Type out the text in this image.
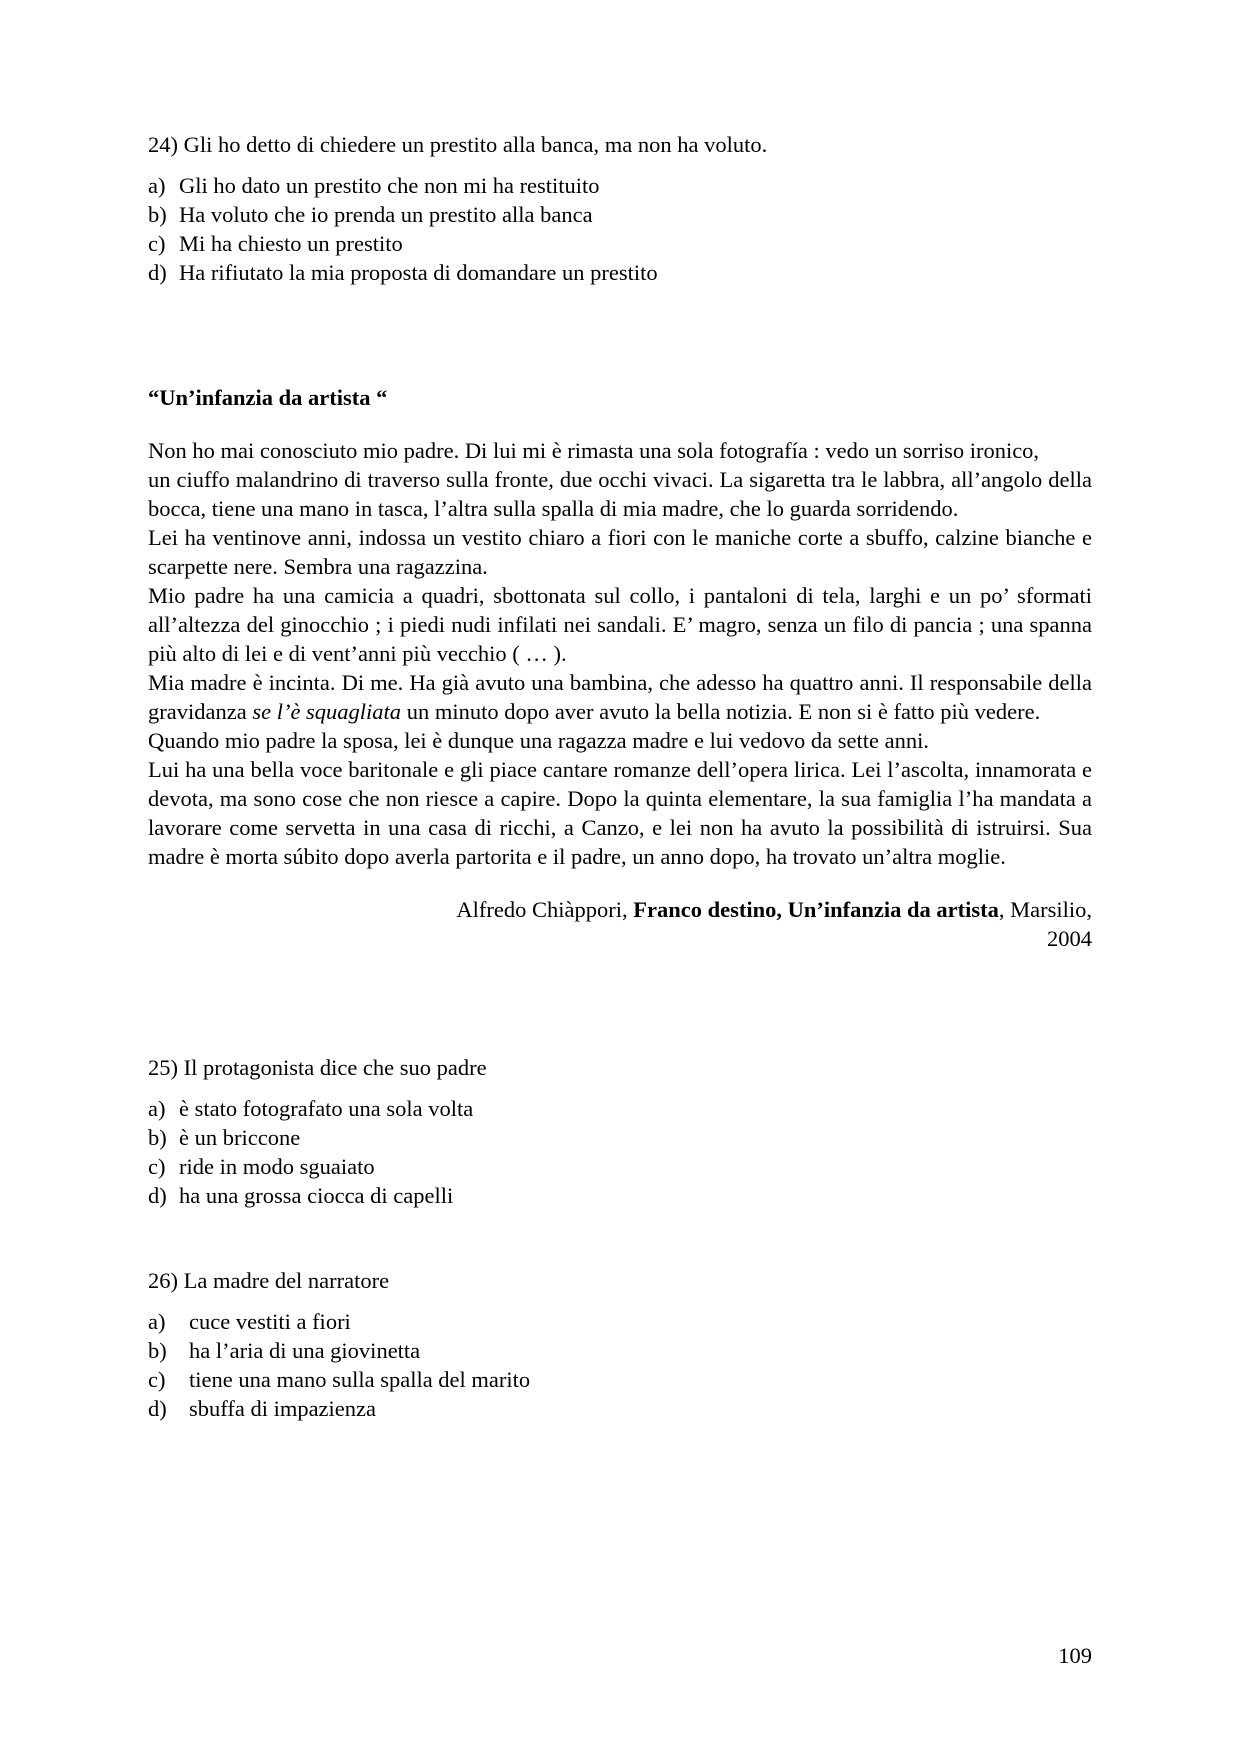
24) Gli ho detto di chiedere un prestito alla banca, ma non ha voluto.

a) Gli ho dato un prestito che non mi ha restituito
b) Ha voluto che io prenda un prestito alla banca
c) Mi ha chiesto un prestito
d) Ha rifiutato la mia proposta di domandare un prestito
“Un’infanzia da artista “

Non ho mai conosciuto mio padre. Di lui mi è rimasta una sola fotografía : vedo un sorriso ironico,

un ciuffo malandrino di traverso sulla fronte, due occhi vivaci. La sigaretta tra le labbra, all’angolo della bocca, tiene una mano in tasca, l’altra sulla spalla di mia madre, che lo guarda sorridendo.

Lei ha ventinove anni, indossa un vestito chiaro a fiori con le maniche corte a sbuffo, calzine bianche e scarpette nere. Sembra una ragazzina.

Mio padre ha una camicia a quadri, sbottonata sul collo, i pantaloni di tela, larghi e un po’ sformati all’altezza del ginocchio ; i piedi nudi infilati nei sandali. E’ magro, senza un filo di pancia ; una spanna più alto di lei e di vent’anni più vecchio ( … ).

Mia madre è incinta. Di me. Ha già avuto una bambina, che adesso ha quattro anni. Il responsabile della gravidanza se l’è squagliata un minuto dopo aver avuto la bella notizia. E non si è fatto più vedere.

Quando mio padre la sposa, lei è dunque una ragazza madre e lui vedovo da sette anni.

Lui ha una bella voce baritonale e gli piace cantare romanze dell’opera lirica. Lei l’ascolta, innamorata e devota, ma sono cose che non riesce a capire. Dopo la quinta elementare, la sua famiglia l’ha mandata a lavorare come servetta in una casa di ricchi, a Canzo, e lei non ha avuto la possibilità di istruirsi. Sua madre è morta súbito dopo averla partorita e il padre, un anno dopo, ha trovato un’altra moglie.

Alfredo Chiàppori, Franco destino, Un’infanzia da artista, Marsilio,
2004

25) Il protagonista dice che suo padre

a) è stato fotografato una sola volta
b) è un briccone
c) ride in modo sguaiato
d) ha una grossa ciocca di capelli

26) La madre del narratore

a) cuce vestiti a fiori
b) ha l’aria di una giovinetta
c) tiene una mano sulla spalla del marito
d) sbuffa di impazienza
109
